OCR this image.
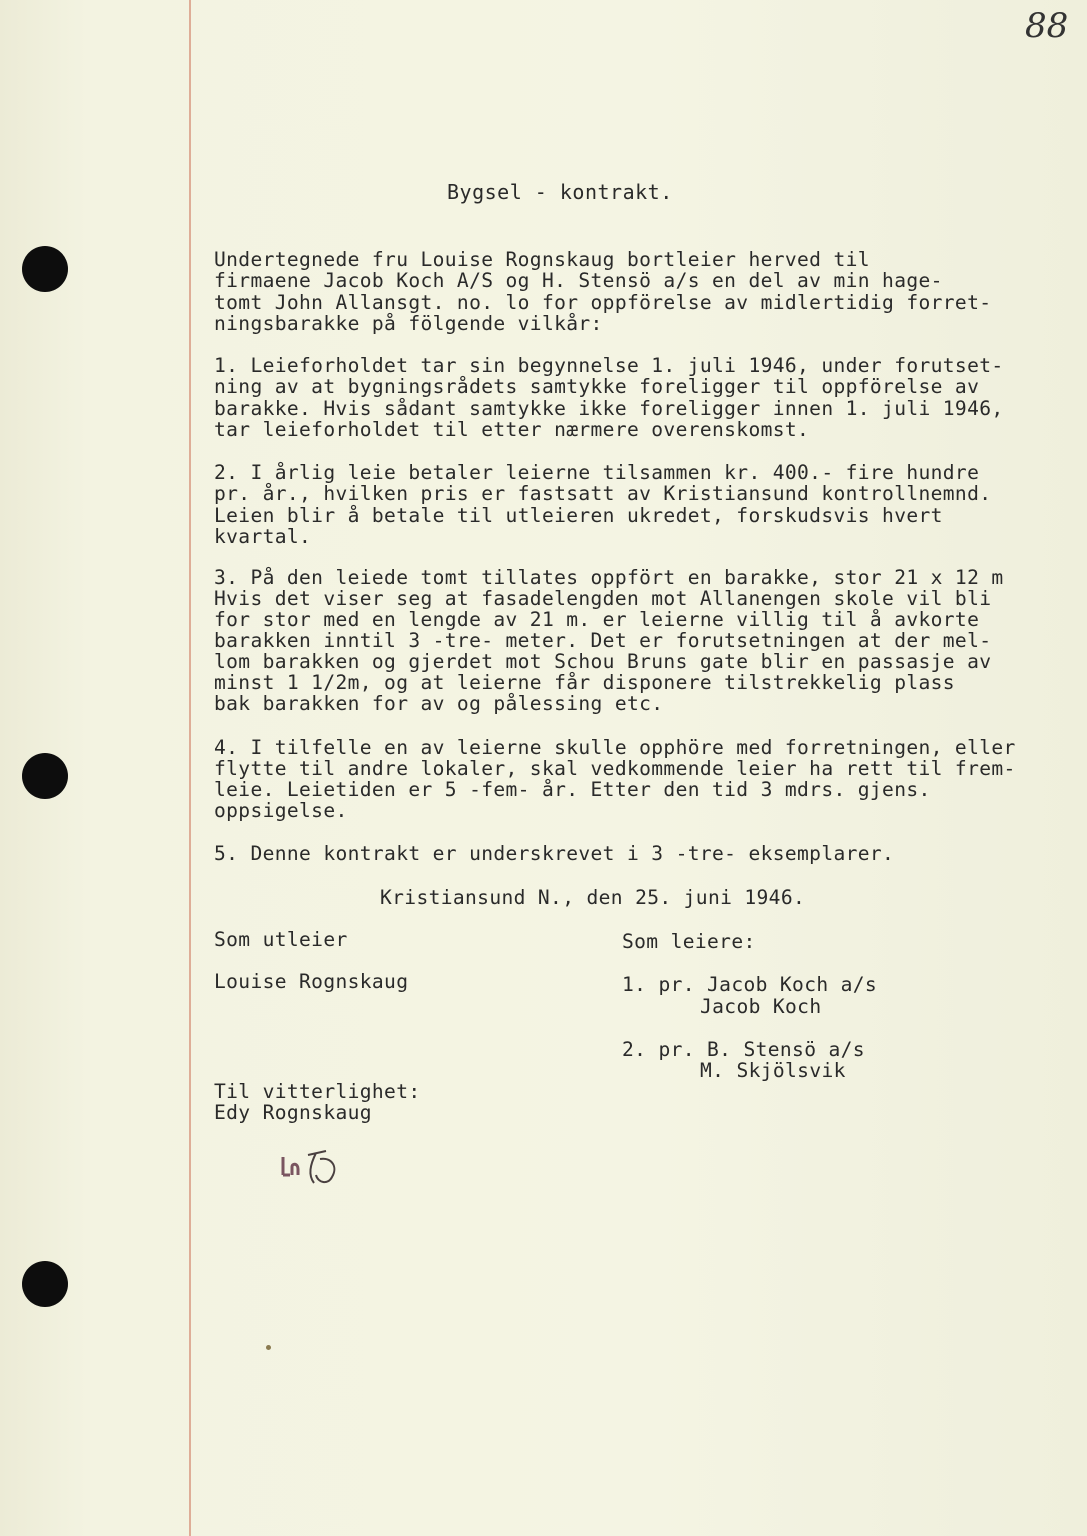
88
Bygsel - kontrakt.
Undertegnede fru Louise Rognskaug bortleier herved til
firmaene Jacob Koch A/S og H. Stensö a/s en del av min hage-
tomt John Allansgt. no. lo for oppförelse av midlertidig forret-
ningsbarakke på fölgende vilkår:
1. Leieforholdet tar sin begynnelse 1. juli 1946, under forutset-
ning av at bygningsrådets samtykke foreligger til oppförelse av
barakke. Hvis sådant samtykke ikke foreligger innen 1. juli 1946,
tar leieforholdet til etter nærmere overenskomst.
2. I årlig leie betaler leierne tilsammen kr. 400.- fire hundre
pr. år., hvilken pris er fastsatt av Kristiansund kontrollnemnd.
Leien blir å betale til utleieren ukredet, forskudsvis hvert
kvartal.
3. På den leiede tomt tillates oppfört en barakke, stor 21 x 12 m
Hvis det viser seg at fasadelengden mot Allanengen skole vil bli
for stor med en lengde av 21 m. er leierne villig til å avkorte
barakken inntil 3 -tre- meter. Det er forutsetningen at der mel-
lom barakken og gjerdet mot Schou Bruns gate blir en passasje av
minst 1 1/2m, og at leierne får disponere tilstrekkelig plass
bak barakken for av og pålessing etc.
4. I tilfelle en av leierne skulle opphöre med forretningen, eller
flytte til andre lokaler, skal vedkommende leier ha rett til frem-
leie. Leietiden er 5 -fem- år. Etter den tid 3 mdrs. gjens.
oppsigelse.
5. Denne kontrakt er underskrevet i 3 -tre- eksemplarer.
Kristiansund N., den 25. juni 1946.
Som utleier
Louise Rognskaug
Som leiere:
1. pr. Jacob Koch a/s
Jacob Koch
2. pr. B. Stensö a/s
M. Skjölsvik
Til vitterlighet:
Edy Rognskaug
